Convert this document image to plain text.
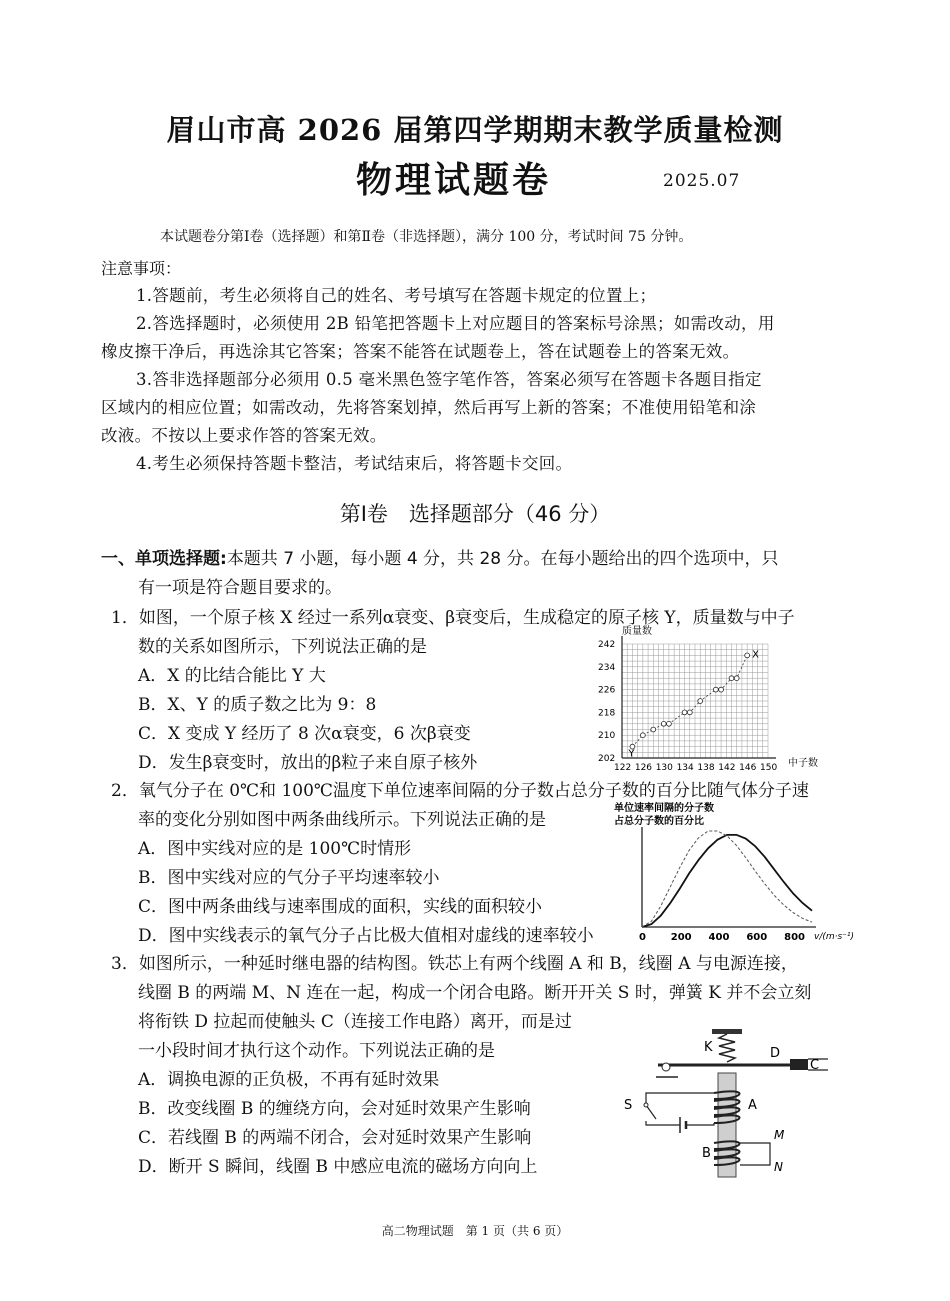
眉山市高 2026 届第四学期期末教学质量检测
物理试题卷	2025.07
本试题卷分第Ⅰ卷（选择题）和第Ⅱ卷（非选择题），满分 100 分，考试时间 75 分钟。
注意事项：
1.答题前，考生必须将自己的姓名、考号填写在答题卡规定的位置上；
2.答选择题时，必须使用 2B 铅笔把答题卡上对应题目的答案标号涂黑；如需改动，用
橡皮擦干净后，再选涂其它答案；答案不能答在试题卷上，答在试题卷上的答案无效。
3.答非选择题部分必须用 0.5 毫米黑色签字笔作答，答案必须写在答题卡各题目指定
区域内的相应位置；如需改动，先将答案划掉，然后再写上新的答案；不准使用铅笔和涂
改液。不按以上要求作答的答案无效。
4.考生必须保持答题卡整洁，考试结束后，将答题卡交回。
第Ⅰ卷　选择题部分（46 分）
一、单项选择题:本题共 7 小题，每小题 4 分，共 28 分。在每小题给出的四个选项中，只
有一项是符合题目要求的。
1．如图，一个原子核 X 经过一系列α衰变、β衰变后，生成稳定的原子核 Y，质量数与中子
数的关系如图所示，下列说法正确的是
A．X 的比结合能比 Y 大
B．X、Y 的质子数之比为 9：8
C．X 变成 Y 经历了 8 次α衰变，6 次β衰变
D．发生β衰变时，放出的β粒子来自原子核外	122 126 130 134 138 142 146 150
202
210
218
226
234
242
Y
X
质量数
中子数
2．氧气分子在 0℃和 100℃温度下单位速率间隔的分子数占总分子数的百分比随气体分子速
率的变化分别如图中两条曲线所示。下列说法正确的是
A．图中实线对应的是 100℃时情形
B．图中实线对应的气分子平均速率较小
C．图中两条曲线与速率围成的面积，实线的面积较小
D．图中实线表示的氧气分子占比极大值相对虚线的速率较小
单位速率间隔的分子数
占总分子数的百分比
0 200 400 600 800 v/(m·s⁻¹)
3．如图所示，一种延时继电器的结构图。铁芯上有两个线圈 A 和 B，线圈 A 与电源连接，
线圈 B 的两端 M、N 连在一起，构成一个闭合电路。断开开关 S 时，弹簧 K 并不会立刻
将衔铁 D 拉起而使触头 C（连接工作电路）离开，而是过
一小段时间才执行这个动作。下列说法正确的是
A．调换电源的正负极，不再有延时效果
B．改变线圈 B 的缠绕方向，会对延时效果产生影响
C．若线圈 B 的两端不闭合，会对延时效果产生影响
D．断开 S 瞬间，线圈 B 中感应电流的磁场方向向上
K	D
C
A
S
B
M
N
高二物理试题　第 1 页（共 6 页）
